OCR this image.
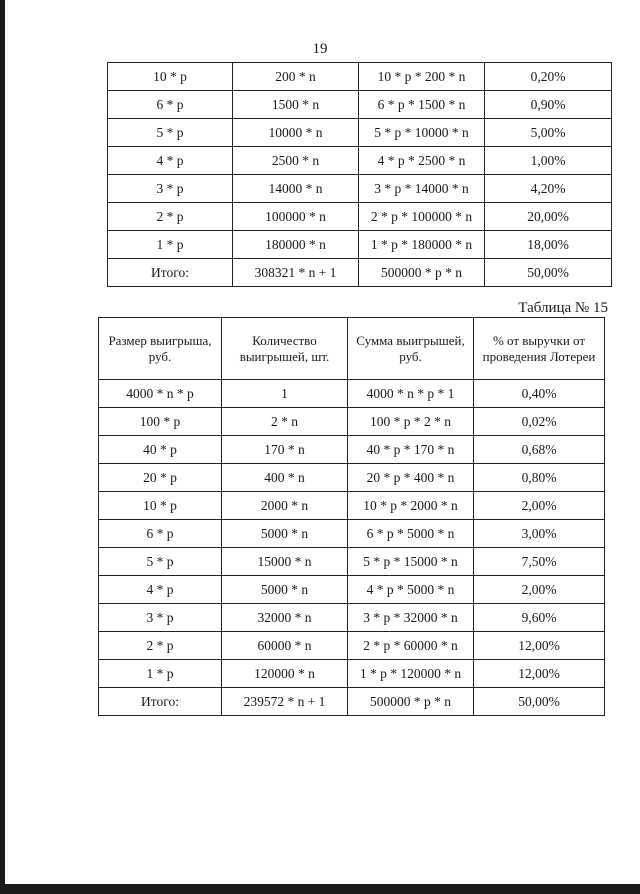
19
10 * р	200 * n	10 * р * 200 * n	0,20%
6 * р	1500 * n	6 * р * 1500 * n	0,90%
5 * р	10000 * n	5 * р * 10000 * n	5,00%
4 * р	2500 * n	4 * р * 2500 * n	1,00%
3 * р	14000 * n	3 * р * 14000 * n	4,20%
2 * р	100000 * n	2 * р * 100000 * n	20,00%
1 * р	180000 * n	1 * р * 180000 * n	18,00%
Итого:	308321 * n + 1	500000 * р * n	50,00%
Таблица № 15
Размер выигрыша, руб.	Количество выигрышей, шт.	Сумма выигрышей, руб.	% от выручки от проведения Лотереи
4000 * n * р	1	4000 * n * р * 1	0,40%
100 * р	2 * n	100 * р * 2 * n	0,02%
40 * р	170 * n	40 * р * 170 * n	0,68%
20 * р	400 * n	20 * р * 400 * n	0,80%
10 * р	2000 * n	10 * р * 2000 * n	2,00%
6 * р	5000 * n	6 * р * 5000 * n	3,00%
5 * р	15000 * n	5 * р * 15000 * n	7,50%
4 * р	5000 * n	4 * р * 5000 * n	2,00%
3 * р	32000 * n	3 * р * 32000 * n	9,60%
2 * р	60000 * n	2 * р * 60000 * n	12,00%
1 * р	120000 * n	1 * р * 120000 * n	12,00%
Итого:	239572 * n + 1	500000 * р * n	50,00%
